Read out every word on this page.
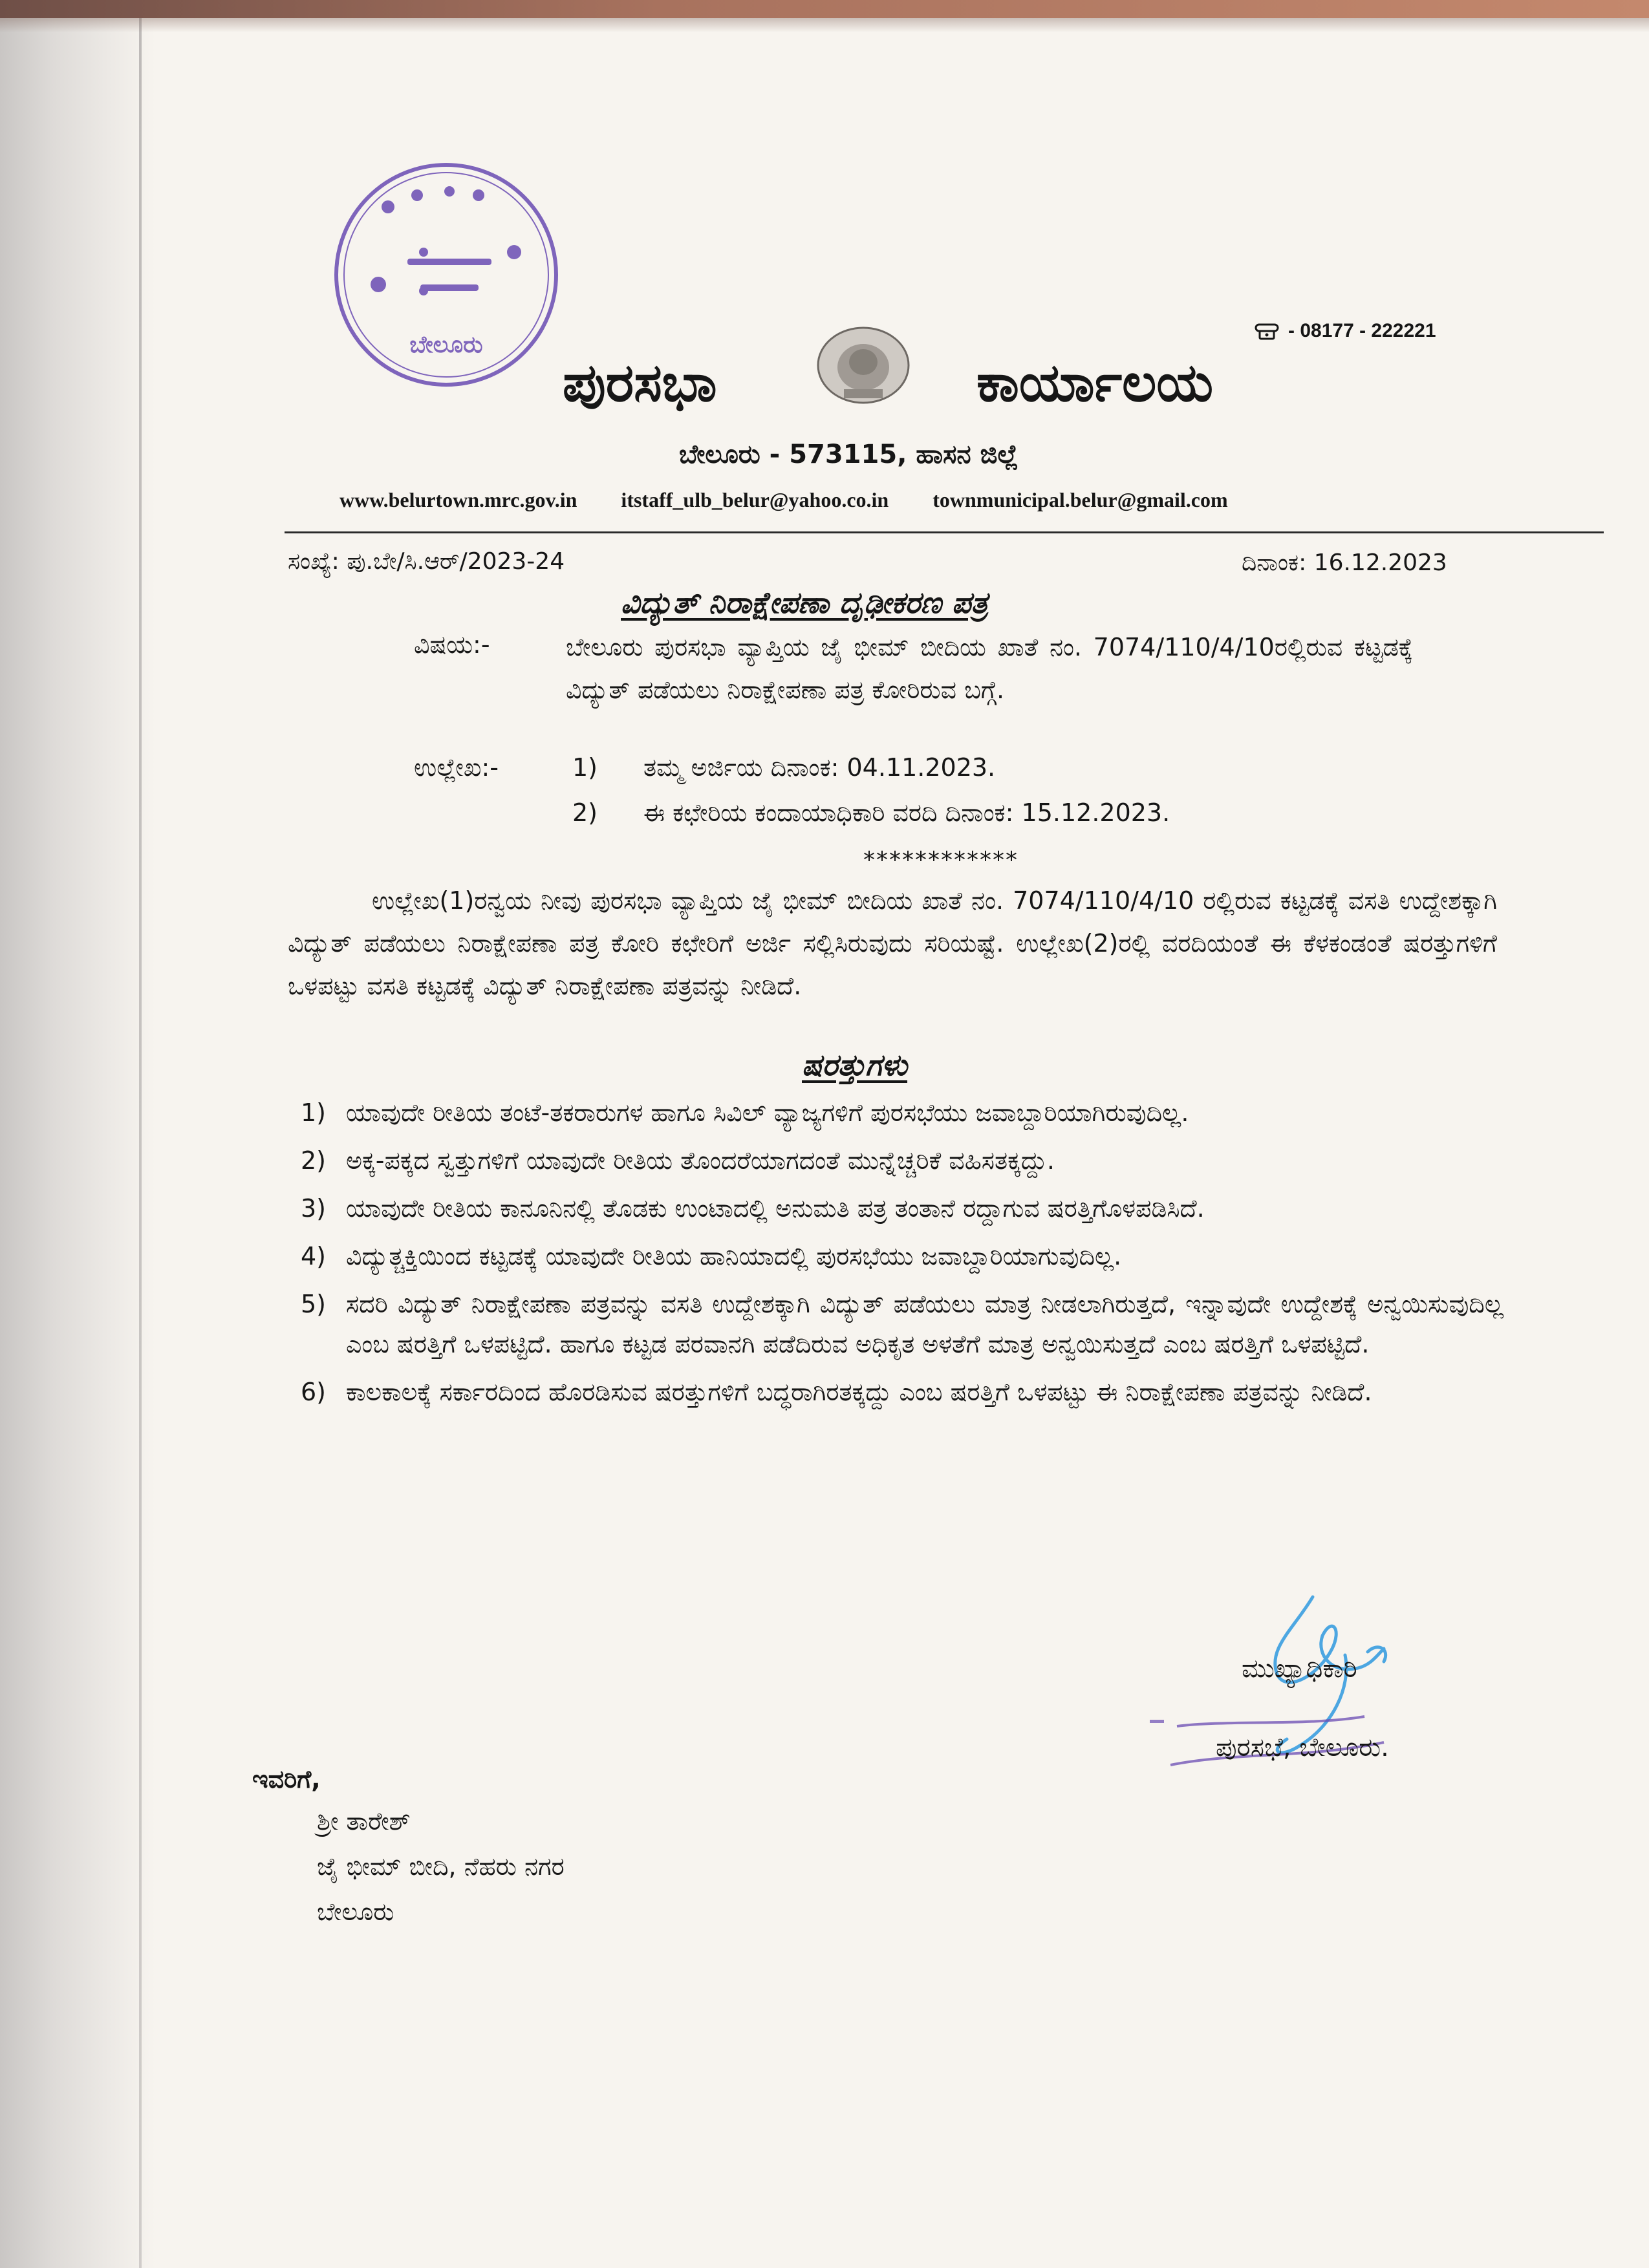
ಬೇಲೂರು
- 08177 - 222221
ಪುರಸಭಾ	ಕಾರ್ಯಾಲಯ
ಬೇಲೂರು - 573115, ಹಾಸನ ಜಿಲ್ಲೆ
www.belurtown.mrc.gov.in itstaff_ulb_belur@yahoo.co.in townmunicipal.belur@gmail.com
ಸಂಖ್ಯೆ: ಪು.ಬೇ/ಸಿ.ಆರ್/2023-24	ದಿನಾಂಕ: 16.12.2023
ವಿದ್ಯುತ್ ನಿರಾಕ್ಷೇಪಣಾ ದೃಢೀಕರಣ ಪತ್ರ
ವಿಷಯ:-	ಬೇಲೂರು ಪುರಸಭಾ ವ್ಯಾಪ್ತಿಯ ಜೈ ಭೀಮ್ ಬೀದಿಯ ಖಾತೆ ನಂ. 7074/110/4/10ರಲ್ಲಿರುವ ಕಟ್ಟಡಕ್ಕೆ ವಿದ್ಯುತ್ ಪಡೆಯಲು ನಿರಾಕ್ಷೇಪಣಾ ಪತ್ರ ಕೋರಿರುವ ಬಗ್ಗೆ.
ಉಲ್ಲೇಖ:-	1) ತಮ್ಮ ಅರ್ಜಿಯ ದಿನಾಂಕ: 04.11.2023.
2) ಈ ಕಛೇರಿಯ ಕಂದಾಯಾಧಿಕಾರಿ ವರದಿ ದಿನಾಂಕ: 15.12.2023.
************
ಉಲ್ಲೇಖ(1)ರನ್ವಯ ನೀವು ಪುರಸಭಾ ವ್ಯಾಪ್ತಿಯ ಜೈ ಭೀಮ್ ಬೀದಿಯ ಖಾತೆ ನಂ. 7074/110/4/10 ರಲ್ಲಿರುವ ಕಟ್ಟಡಕ್ಕೆ ವಸತಿ ಉದ್ದೇಶಕ್ಕಾಗಿ ವಿದ್ಯುತ್ ಪಡೆಯಲು ನಿರಾಕ್ಷೇಪಣಾ ಪತ್ರ ಕೋರಿ ಕಛೇರಿಗೆ ಅರ್ಜಿ ಸಲ್ಲಿಸಿರುವುದು ಸರಿಯಷ್ಟೆ. ಉಲ್ಲೇಖ(2)ರಲ್ಲಿ ವರದಿಯಂತೆ ಈ ಕೆಳಕಂಡಂತೆ ಷರತ್ತುಗಳಿಗೆ ಒಳಪಟ್ಟು ವಸತಿ ಕಟ್ಟಡಕ್ಕೆ ವಿದ್ಯುತ್ ನಿರಾಕ್ಷೇಪಣಾ ಪತ್ರವನ್ನು ನೀಡಿದೆ.
ಷರತ್ತುಗಳು
1) ಯಾವುದೇ ರೀತಿಯ ತಂಟೆ-ತಕರಾರುಗಳ ಹಾಗೂ ಸಿವಿಲ್ ವ್ಯಾಜ್ಯಗಳಿಗೆ ಪುರಸಭೆಯು ಜವಾಬ್ದಾರಿಯಾಗಿರುವುದಿಲ್ಲ.
2) ಅಕ್ಕ-ಪಕ್ಕದ ಸ್ವತ್ತುಗಳಿಗೆ ಯಾವುದೇ ರೀತಿಯ ತೊಂದರೆಯಾಗದಂತೆ ಮುನ್ನೆಚ್ಚರಿಕೆ ವಹಿಸತಕ್ಕದ್ದು.
3) ಯಾವುದೇ ರೀತಿಯ ಕಾನೂನಿನಲ್ಲಿ ತೊಡಕು ಉಂಟಾದಲ್ಲಿ ಅನುಮತಿ ಪತ್ರ ತಂತಾನೆ ರದ್ದಾಗುವ ಷರತ್ತಿಗೊಳಪಡಿಸಿದೆ.
4) ವಿದ್ಯುತ್ಚಕ್ತಿಯಿಂದ ಕಟ್ಟಡಕ್ಕೆ ಯಾವುದೇ ರೀತಿಯ ಹಾನಿಯಾದಲ್ಲಿ ಪುರಸಭೆಯು ಜವಾಬ್ದಾರಿಯಾಗುವುದಿಲ್ಲ.
5) ಸದರಿ ವಿದ್ಯುತ್ ನಿರಾಕ್ಷೇಪಣಾ ಪತ್ರವನ್ನು ವಸತಿ ಉದ್ದೇಶಕ್ಕಾಗಿ ವಿದ್ಯುತ್ ಪಡೆಯಲು ಮಾತ್ರ ನೀಡಲಾಗಿರುತ್ತದೆ, ಇನ್ನಾವುದೇ ಉದ್ದೇಶಕ್ಕೆ ಅನ್ವಯಿಸುವುದಿಲ್ಲ ಎಂಬ ಷರತ್ತಿಗೆ ಒಳಪಟ್ಟಿದೆ. ಹಾಗೂ ಕಟ್ಟಡ ಪರವಾನಗಿ ಪಡೆದಿರುವ ಅಧಿಕೃತ ಅಳತೆಗೆ ಮಾತ್ರ ಅನ್ವಯಿಸುತ್ತದೆ ಎಂಬ ಷರತ್ತಿಗೆ ಒಳಪಟ್ಟಿದೆ.
6) ಕಾಲಕಾಲಕ್ಕೆ ಸರ್ಕಾರದಿಂದ ಹೊರಡಿಸುವ ಷರತ್ತುಗಳಿಗೆ ಬದ್ಧರಾಗಿರತಕ್ಕದ್ದು ಎಂಬ ಷರತ್ತಿಗೆ ಒಳಪಟ್ಟು ಈ ನಿರಾಕ್ಷೇಪಣಾ ಪತ್ರವನ್ನು ನೀಡಿದೆ.
ಮುಖ್ಯಾಧಿಕಾರಿ
ಪುರಸಭೆ, ಬೇಲೂರು.
ಇವರಿಗೆ,
ಶ್ರೀ ತಾರೇಶ್
ಜೈ ಭೀಮ್ ಬೀದಿ, ನೆಹರು ನಗರ
ಬೇಲೂರು
